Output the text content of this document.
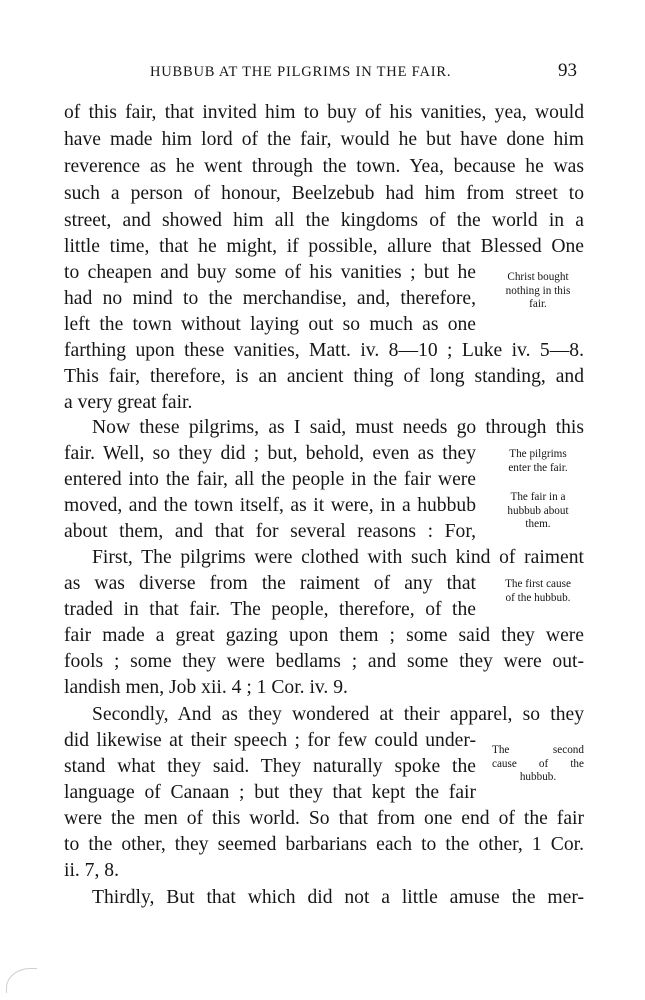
HUBBUB AT THE PILGRIMS IN THE FAIR.	93
of this fair, that invited him to buy of his vanities, yea, would
have made him lord of the fair, would he but have done him
reverence as he went through the town. Yea, because he was
such a person of honour, Beelzebub had him from street to
street, and showed him all the kingdoms of the world in a
little time, that he might, if possible, allure that Blessed One
to cheapen and buy some of his vanities ; but he
had no mind to the merchandise, and, therefore,
left the town without laying out so much as one
farthing upon these vanities, Matt. iv. 8—10 ; Luke iv. 5—8.
This fair, therefore, is an ancient thing of long standing, and
a very great fair.
Now these pilgrims, as I said, must needs go through this
fair. Well, so they did ; but, behold, even as they
entered into the fair, all the people in the fair were
moved, and the town itself, as it were, in a hubbub
about them, and that for several reasons : For,
First, The pilgrims were clothed with such kind of raiment
as was diverse from the raiment of any that
traded in that fair. The people, therefore, of the
fair made a great gazing upon them ; some said they were
fools ; some they were bedlams ; and some they were out-
landish men, Job xii. 4 ; 1 Cor. iv. 9.
Secondly, And as they wondered at their apparel, so they
did likewise at their speech ; for few could under-
stand what they said. They naturally spoke the
language of Canaan ; but they that kept the fair
were the men of this world. So that from one end of the fair
to the other, they seemed barbarians each to the other, 1 Cor.
ii. 7, 8.
Thirdly, But that which did not a little amuse the mer-
Christ bought
nothing in this
fair.
The pilgrims
enter the fair.
The fair in a
hubbub about
them.
The first cause
of the hubbub.
The second
cause of the
hubbub.
